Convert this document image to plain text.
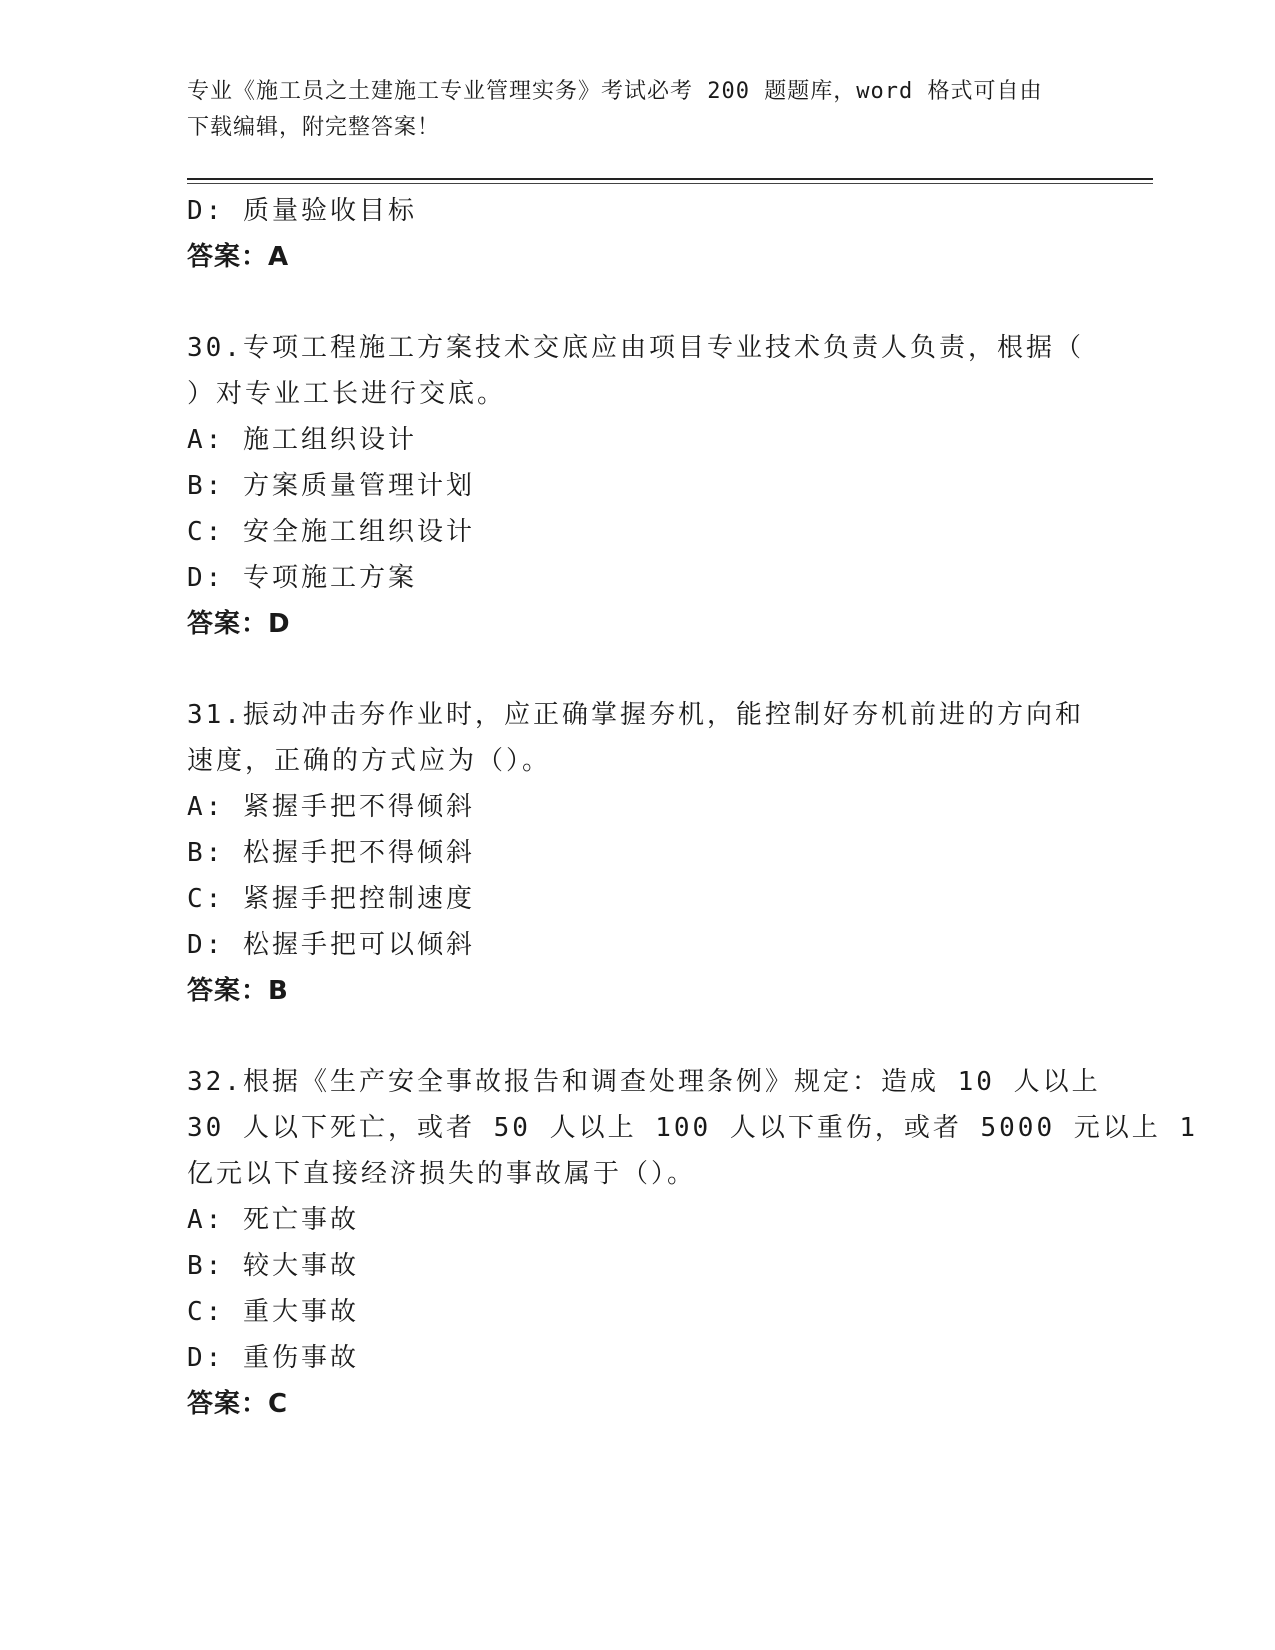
专业《施工员之土建施工专业管理实务》考试必考 200 题题库，word 格式可自由
下载编辑，附完整答案！
D: 质量验收目标
答案：A
30.专项工程施工方案技术交底应由项目专业技术负责人负责，根据（
）对专业工长进行交底。
A: 施工组织设计
B: 方案质量管理计划
C: 安全施工组织设计
D: 专项施工方案
答案：D
31.振动冲击夯作业时，应正确掌握夯机，能控制好夯机前进的方向和
速度，正确的方式应为（）。
A: 紧握手把不得倾斜
B: 松握手把不得倾斜
C: 紧握手把控制速度
D: 松握手把可以倾斜
答案：B
32.根据《生产安全事故报告和调查处理条例》规定：造成 10 人以上
30 人以下死亡，或者 50 人以上 100 人以下重伤，或者 5000 元以上 1
亿元以下直接经济损失的事故属于（）。
A: 死亡事故
B: 较大事故
C: 重大事故
D: 重伤事故
答案：C
